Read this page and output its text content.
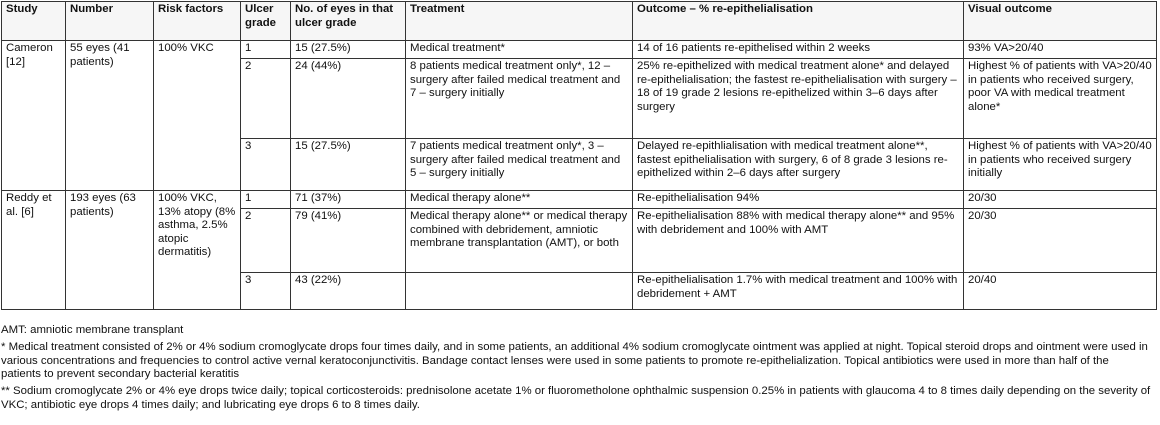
Study	Number	Risk factors	Ulcer grade	No. of eyes in that ulcer grade	Treatment	Outcome – % re-epithelialisation	Visual outcome
Cameron [12]	55 eyes (41 patients)	100% VKC	1	15 (27.5%)	Medical treatment*	14 of 16 patients re-epithelised within 2 weeks	93% VA>20/40
			2	24 (44%)	8 patients medical treatment only*, 12 – surgery after failed medical treatment and 7 – surgery initially	25% re-epithelized with medical treatment alone* and delayed re-epithelialisation; the fastest re-epithelialisation with surgery – 18 of 19 grade 2 lesions re-epithelized within 3–6 days after surgery	Highest % of patients with VA>20/40 in patients who received surgery, poor VA with medical treatment alone*
			3	15 (27.5%)	7 patients medical treatment only*, 3 – surgery after failed medical treatment and 5 – surgery initially	Delayed re-epithlialisation with medical treatment alone**, fastest epithelialisation with surgery, 6 of 8 grade 3 lesions re-epithelized within 2–6 days after surgery	Highest % of patients with VA>20/40 in patients who received surgery initially
Reddy et al. [6]	193 eyes (63 patients)	100% VKC, 13% atopy (8% asthma, 2.5% atopic dermatitis)	1	71 (37%)	Medical therapy alone**	Re-epithelialisation 94%	20/30
			2	79 (41%)	Medical therapy alone** or medical therapy combined with debridement, amniotic membrane transplantation (AMT), or both	Re-epithelialisation 88% with medical therapy alone** and 95% with debridement and 100% with AMT	20/30
			3	43 (22%)		Re-epithelialisation 1.7% with medical treatment and 100% with debridement + AMT	20/40
AMT: amniotic membrane transplant
* Medical treatment consisted of 2% or 4% sodium cromoglycate drops four times daily, and in some patients, an additional 4% sodium cromoglycate ointment was applied at night. Topical steroid drops and ointment were used in various concentrations and frequencies to control active vernal keratoconjunctivitis. Bandage contact lenses were used in some patients to promote re-epithelialization. Topical antibiotics were used in more than half of the patients to prevent secondary bacterial keratitis
** Sodium cromoglycate 2% or 4% eye drops twice daily; topical corticosteroids: prednisolone acetate 1% or fluorometholone ophthalmic suspension 0.25% in patients with glaucoma 4 to 8 times daily depending on the severity of VKC; antibiotic eye drops 4 times daily; and lubricating eye drops 6 to 8 times daily.
